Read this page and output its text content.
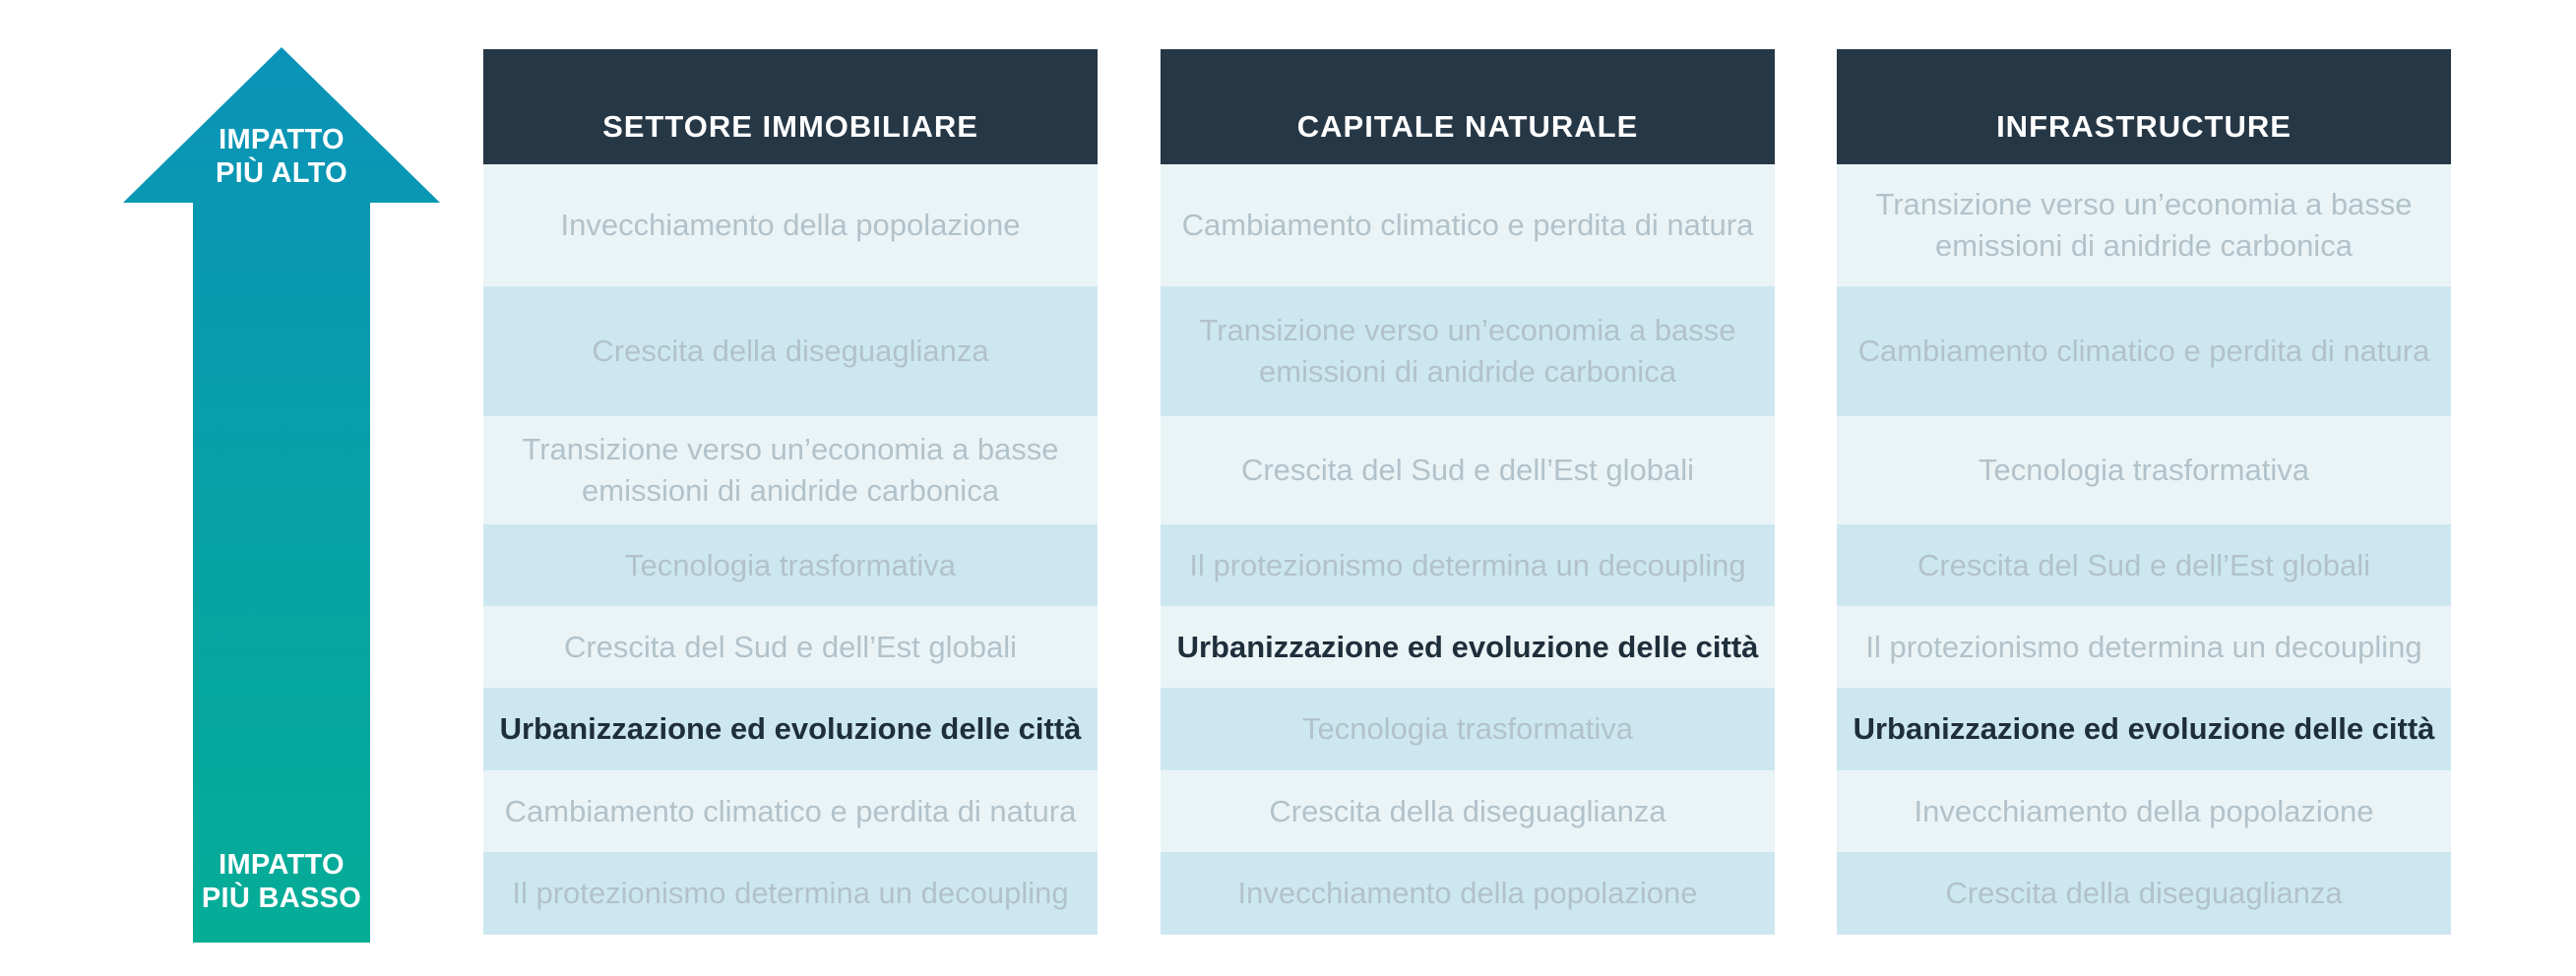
IMPATTO
PIÙ ALTO
IMPATTO
PIÙ BASSO
SETTORE IMMOBILIARE
Invecchiamento della popolazione
Crescita della diseguaglianza
Transizione verso un’economia a basse emissioni di anidride carbonica
Tecnologia trasformativa
Crescita del Sud e dell’Est globali
Urbanizzazione ed evoluzione delle città
Cambiamento climatico e perdita di natura
Il protezionismo determina un decoupling
CAPITALE NATURALE
Cambiamento climatico e perdita di natura
Transizione verso un’economia a basse emissioni di anidride carbonica
Crescita del Sud e dell’Est globali
Il protezionismo determina un decoupling
Urbanizzazione ed evoluzione delle città
Tecnologia trasformativa
Crescita della diseguaglianza
Invecchiamento della popolazione
INFRASTRUCTURE
Transizione verso un’economia a basse emissioni di anidride carbonica
Cambiamento climatico e perdita di natura
Tecnologia trasformativa
Crescita del Sud e dell’Est globali
Il protezionismo determina un decoupling
Urbanizzazione ed evoluzione delle città
Invecchiamento della popolazione
Crescita della diseguaglianza
